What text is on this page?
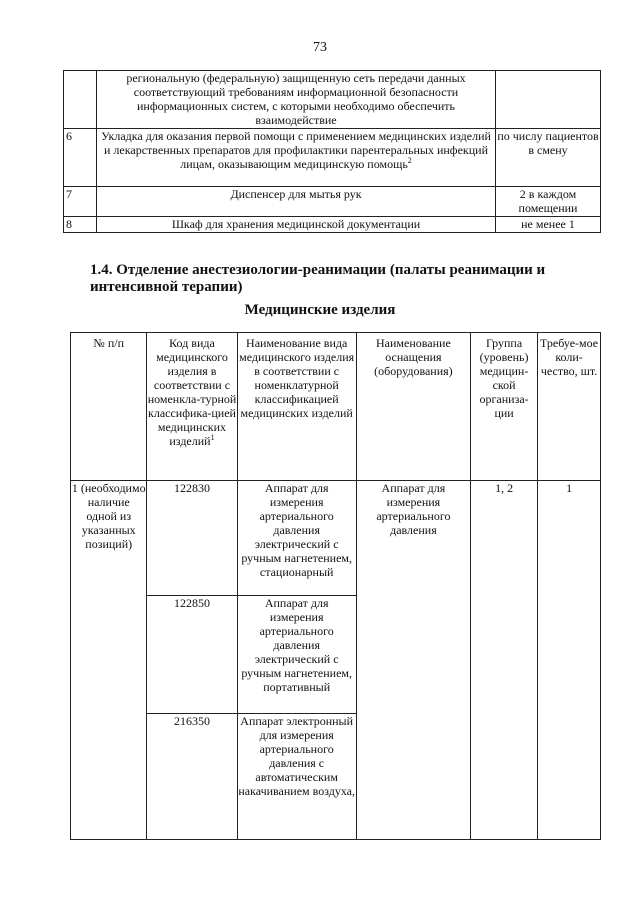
73
	региональную (федеральную) защищенную сеть передачи данных соответствующий требованиям информационной безопасности информационных систем, с которыми необходимо обеспечить взаимодействие	
6	Укладка для оказания первой помощи с применением медицинских изделий и лекарственных препаратов для профилактики парентеральных инфекций лицам, оказывающим медицинскую помощь$^2$	по числу пациентов в смену
7	Диспенсер для мытья рук	2 в каждом помещении
8	Шкаф для хранения медицинской документации	не менее 1
1.4. Отделение анестезиологии-реанимации (палаты реанимации и интенсивной терапии)
Медицинские изделия
№ п/п	Код вида медицинского изделия в соответствии с номенкла-турной классифика-цией медицинских изделий$^1$	Наименование вида медицинского изделия в соответствии с номенклатурной классификацией медицинских изделий	Наименование оснащения (оборудования)	Группа (уровень) медицин-ской организа-ции	Требуе-мое коли-чество, шт.
1 (необходимо наличие одной из указанных позиций)	122830	Аппарат для измерения артериального давления электрический с ручным нагнетением, стационарный	Аппарат для измерения артериального давления	1, 2	1
	122850	Аппарат для измерения артериального давления электрический с ручным нагнетением, портативный			
	216350	Аппарат электронный для измерения артериального давления с автоматическим накачиванием воздуха,			
